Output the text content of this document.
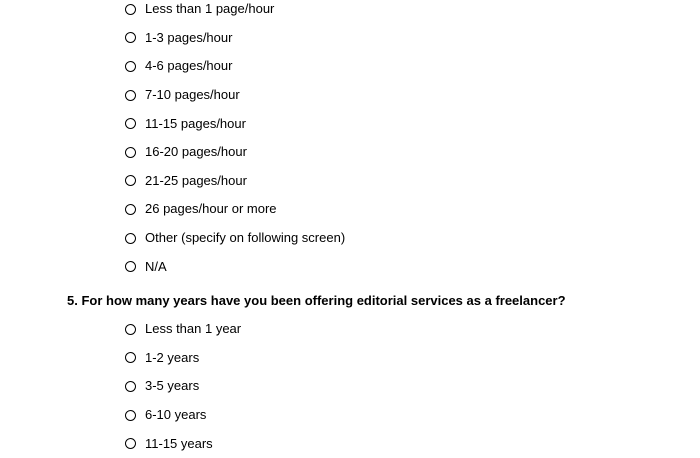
Less than 1 page/hour
1-3 pages/hour
4-6 pages/hour
7-10 pages/hour
11-15 pages/hour
16-20 pages/hour
21-25 pages/hour
26 pages/hour or more
Other (specify on following screen)
N/A

5. For how many years have you been offering editorial services as a freelancer?

Less than 1 year
1-2 years
3-5 years
6-10 years
11-15 years
